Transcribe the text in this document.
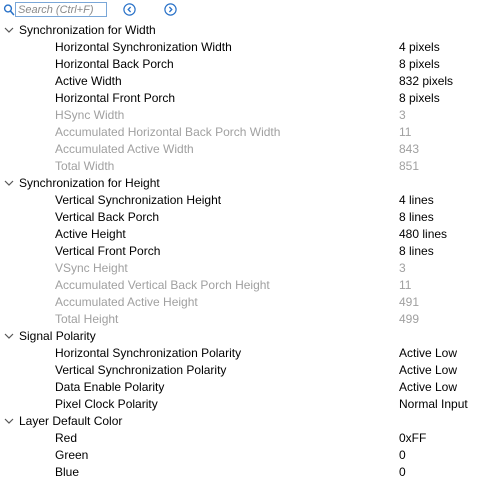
Search (Ctrl+F)
Synchronization for Width
Horizontal Synchronization Width	4 pixels
Horizontal Back Porch	8 pixels
Active Width	832 pixels
Horizontal Front Porch	8 pixels
HSync Width	3
Accumulated Horizontal Back Porch Width	11
Accumulated Active Width	843
Total Width	851
Synchronization for Height
Vertical Synchronization Height	4 lines
Vertical Back Porch	8 lines
Active Height	480 lines
Vertical Front Porch	8 lines
VSync Height	3
Accumulated Vertical Back Porch Height	11
Accumulated Active Height	491
Total Height	499
Signal Polarity
Horizontal Synchronization Polarity	Active Low
Vertical Synchronization Polarity	Active Low
Data Enable Polarity	Active Low
Pixel Clock Polarity	Normal Input
Layer Default Color
Red	0xFF
Green	0
Blue	0
